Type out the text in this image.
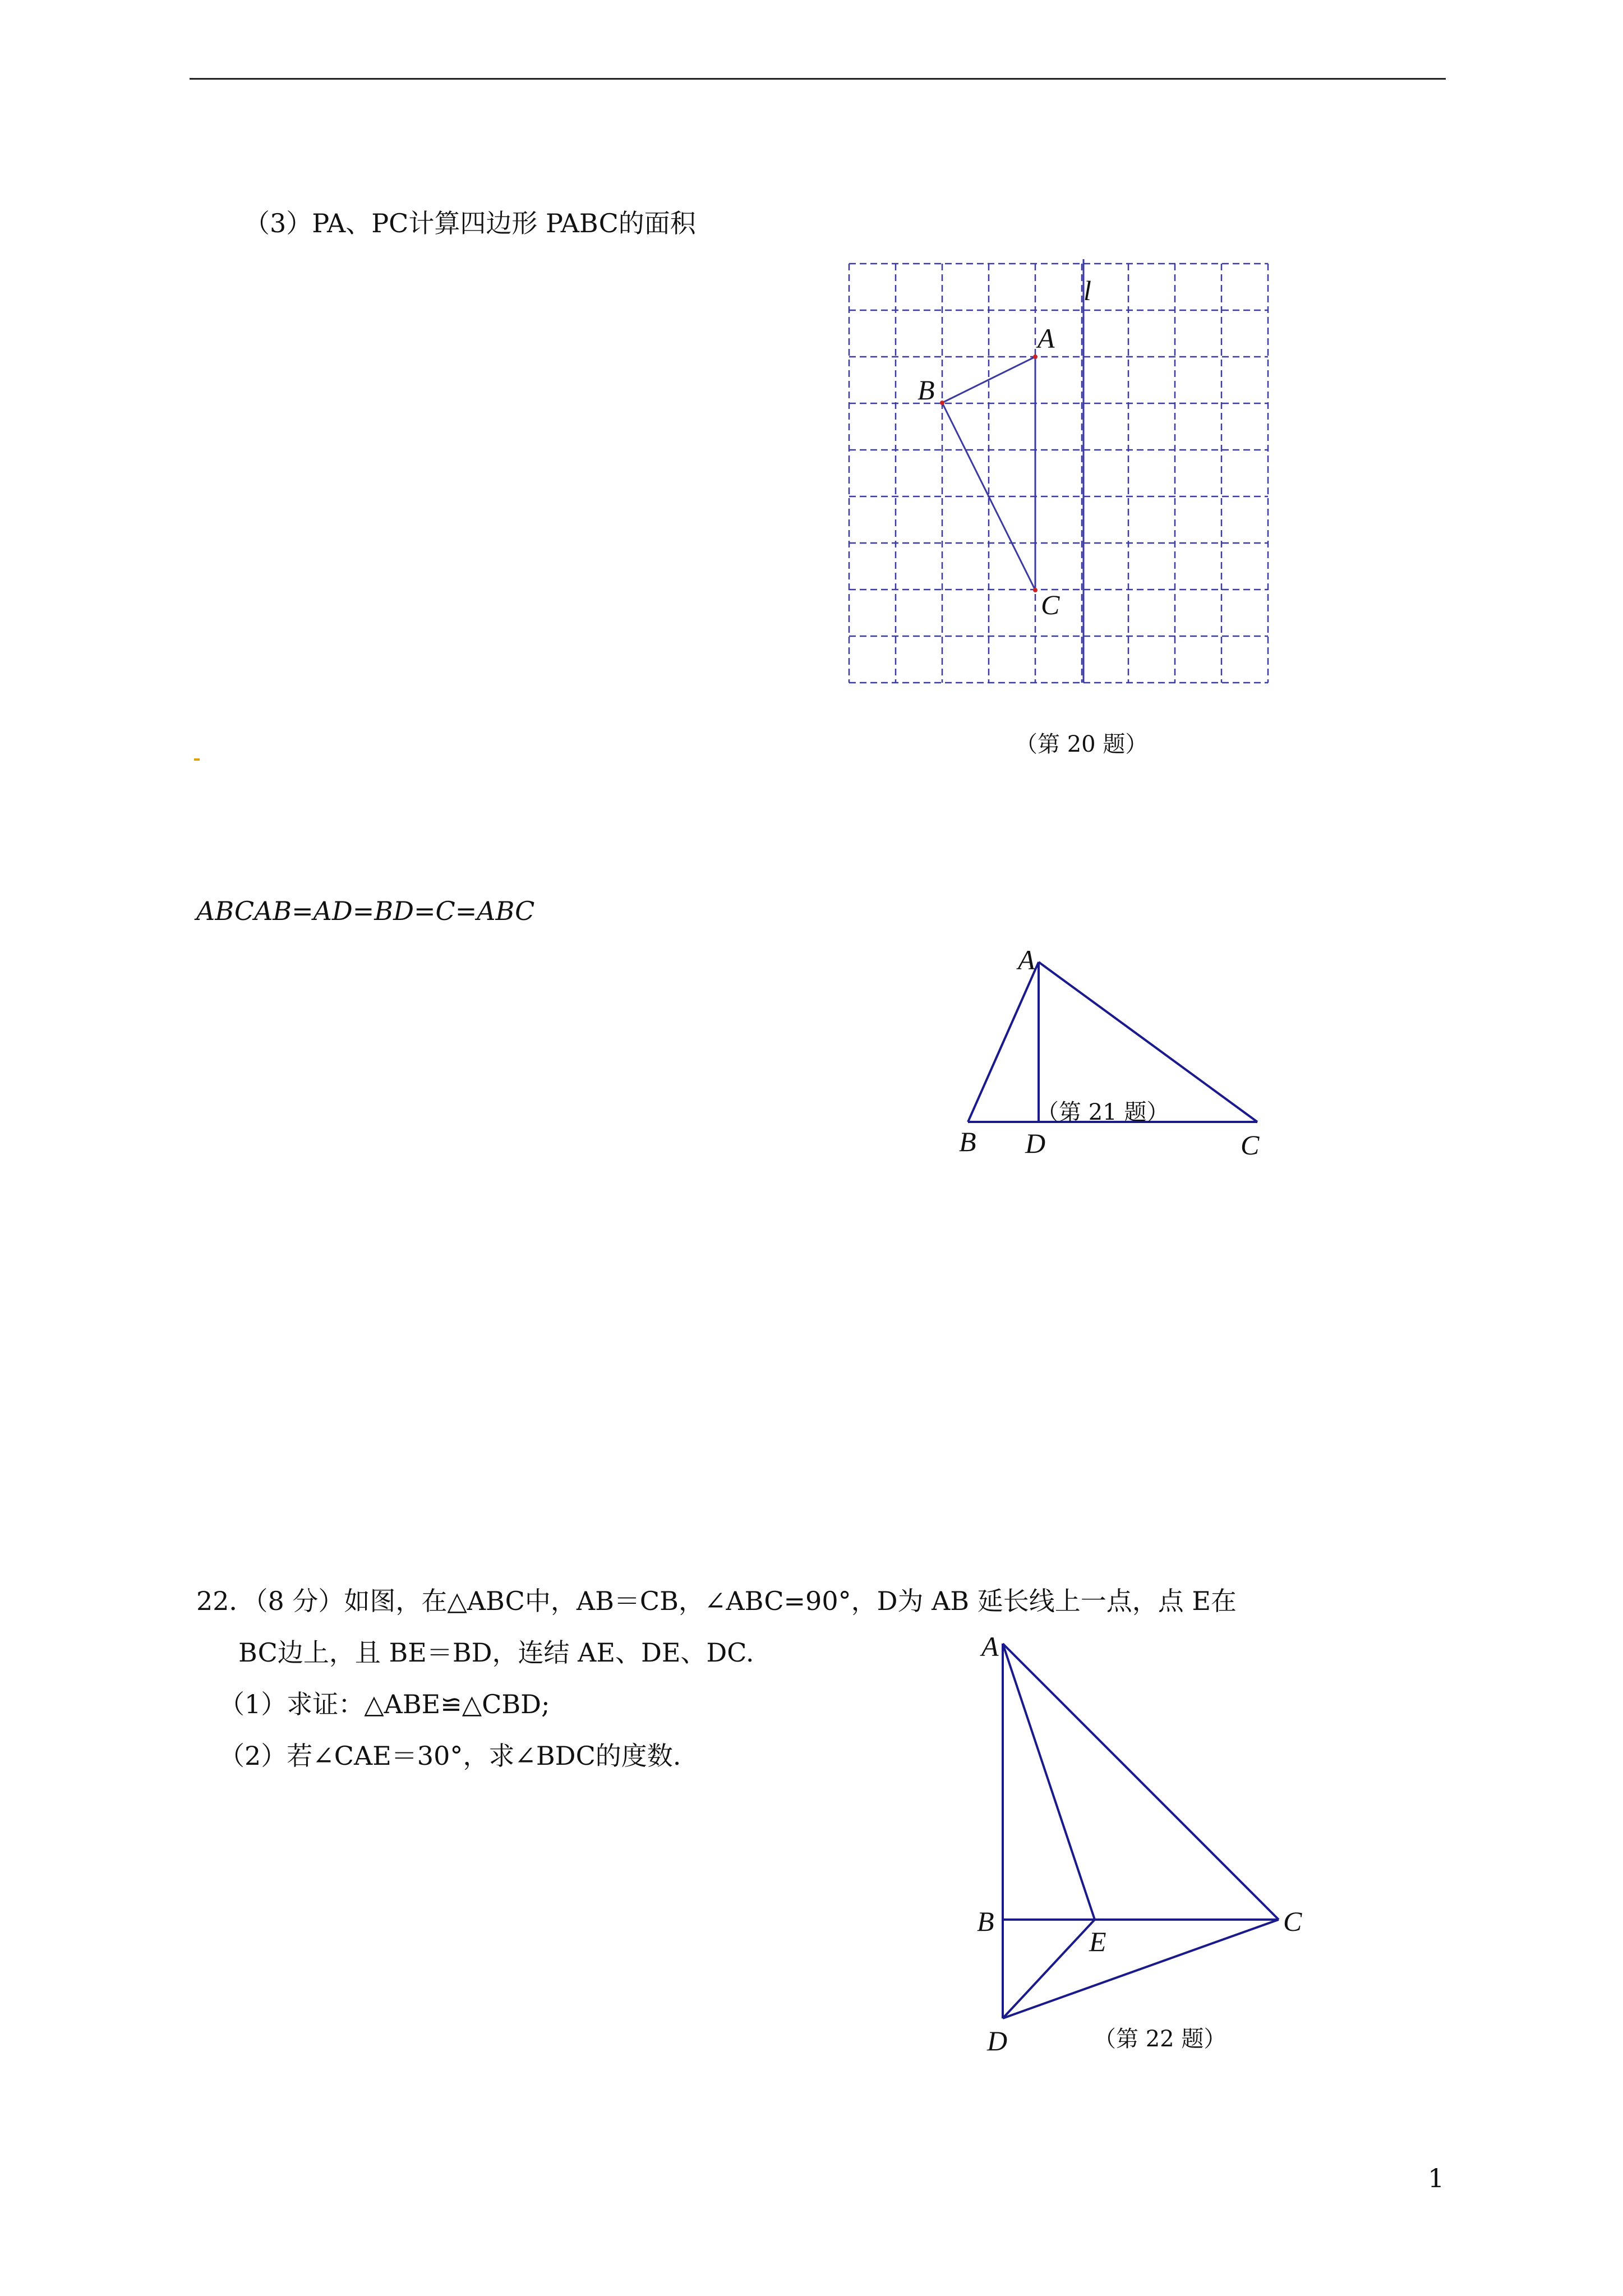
（3）PA、PC计算四边形 PABC的面积
l
A
B
C
（第 20 题）
ABCAB=AD=BD=C=ABC
A
B D	C
（第 21 题）
22．（8 分）如图，在△ABC中，AB＝CB，∠ABC=90°，D为 AB 延长线上一点，点 E在
BC边上，且 BE＝BD，连结 AE、DE、DC.
（1）求证：△ABE≌△CBD;
（2）若∠CAE＝30°，求∠BDC的度数.
A
B	C
E
D	（第 22 题）
1
